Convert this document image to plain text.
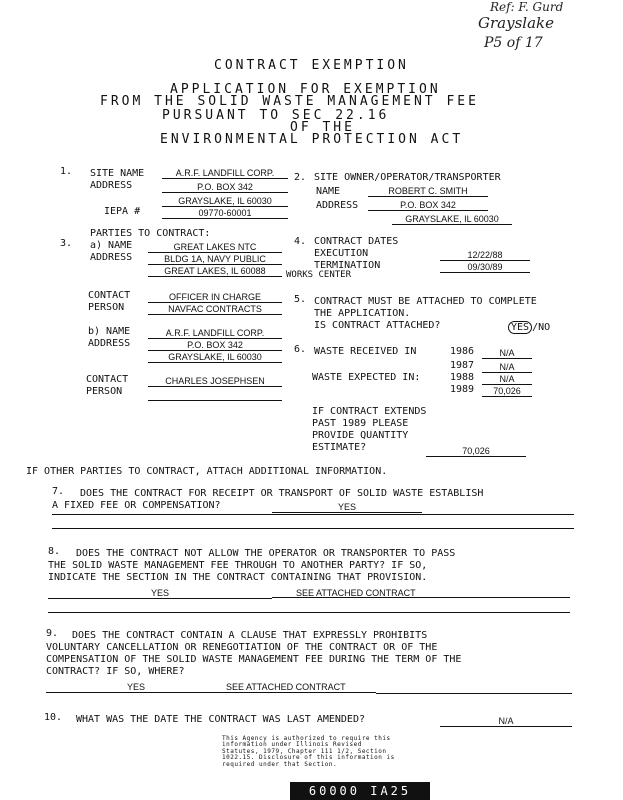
Ref: F. Gurd
Grayslake
P5 of 17
CONTRACT EXEMPTION
APPLICATION FOR EXEMPTION
FROM THE SOLID WASTE MANAGEMENT FEE
PURSUANT TO SEC 22.16
OF THE
ENVIRONMENTAL PROTECTION ACT
1. SITE NAME	A.R.F. LANDFILL CORP.
ADDRESS	P.O. BOX 342
GRAYSLAKE, IL 60030
IEPA #	09770-60001
2. SITE OWNER/OPERATOR/TRANSPORTER
NAME	ROBERT C. SMITH
ADDRESS	P.O. BOX 342
GRAYSLAKE, IL 60030
PARTIES TO CONTRACT:
3. a) NAME	GREAT LAKES NTC
ADDRESS	BLDG 1A, NAVY PUBLIC
GREAT LAKES, IL 60088	WORKS CENTER
CONTACT
PERSON
OFFICER IN CHARGE
NAVFAC CONTRACTS
b) NAME	A.R.F. LANDFILL CORP.
ADDRESS	P.O. BOX 342
GRAYSLAKE, IL 60030
CONTACT
PERSON
CHARLES JOSEPHSEN
4. CONTRACT DATES
EXECUTION	12/22/88
TERMINATION	09/30/89
5. CONTRACT MUST BE ATTACHED TO COMPLETE
THE APPLICATION.
IS CONTRACT ATTACHED?	YES /NO
6. WASTE RECEIVED IN	1986	N/A
1987	N/A
WASTE EXPECTED IN:	1988	N/A
1989	70,026
IF CONTRACT EXTENDS
PAST 1989 PLEASE
PROVIDE QUANTITY
ESTIMATE?	70,026
IF OTHER PARTIES TO CONTRACT, ATTACH ADDITIONAL INFORMATION.
7. DOES THE CONTRACT FOR RECEIPT OR TRANSPORT OF SOLID WASTE ESTABLISH
A FIXED FEE OR COMPENSATION?	YES
8. DOES THE CONTRACT NOT ALLOW THE OPERATOR OR TRANSPORTER TO PASS
THE SOLID WASTE MANAGEMENT FEE THROUGH TO ANOTHER PARTY? IF SO,
INDICATE THE SECTION IN THE CONTRACT CONTAINING THAT PROVISION.
YES	SEE ATTACHED CONTRACT
9. DOES THE CONTRACT CONTAIN A CLAUSE THAT EXPRESSLY PROHIBITS
VOLUNTARY CANCELLATION OR RENEGOTIATION OF THE CONTRACT OR OF THE
COMPENSATION OF THE SOLID WASTE MANAGEMENT FEE DURING THE TERM OF THE
CONTRACT? IF SO, WHERE?
YES	SEE ATTACHED CONTRACT
10. WHAT WAS THE DATE THE CONTRACT WAS LAST AMENDED?	N/A
This Agency is authorized to require this information under Illinois Revised Statutes, 1979, Chapter 111 1/2, Section 1022.15. Disclosure of this information is required under that Section.
60000 IA25
